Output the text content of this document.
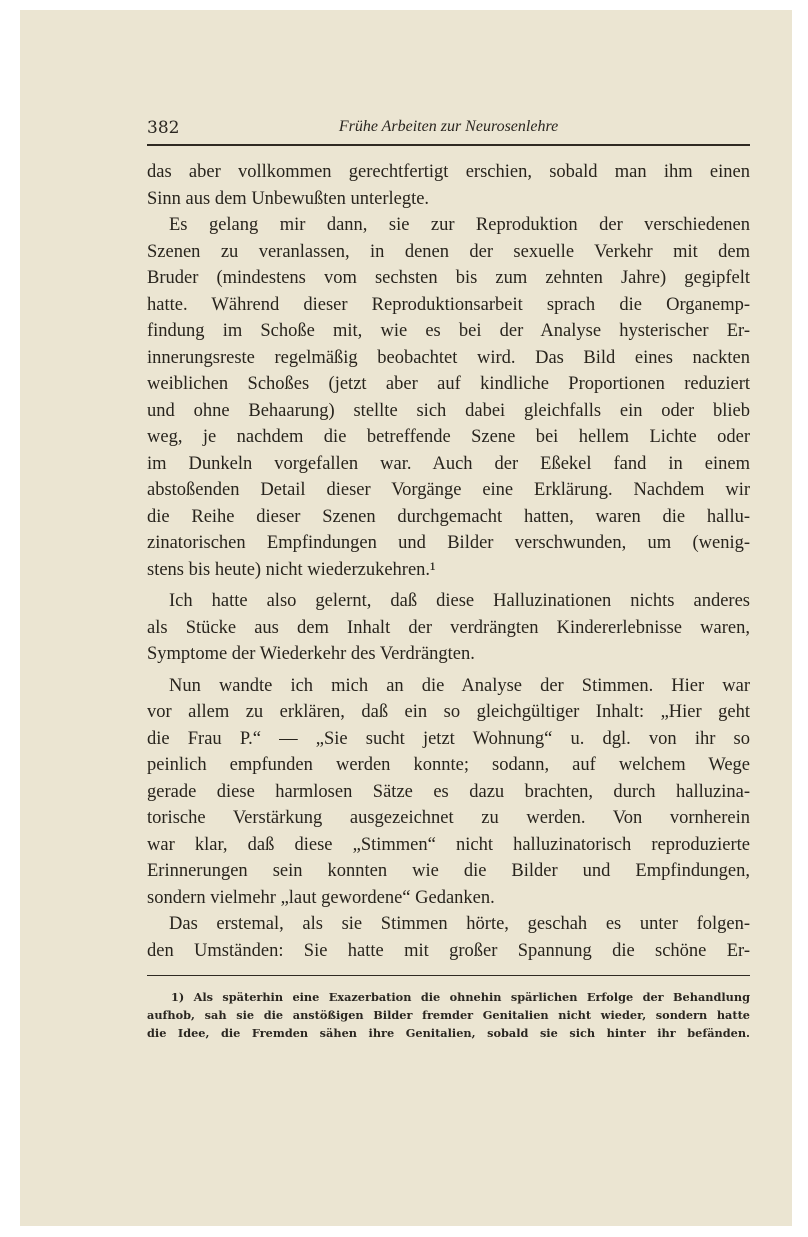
382	Frühe Arbeiten zur Neurosenlehre
das aber vollkommen gerechtfertigt erschien, sobald man ihm einen
Sinn aus dem Unbewußten unterlegte.
Es gelang mir dann, sie zur Reproduktion der verschiedenen
Szenen zu veranlassen, in denen der sexuelle Verkehr mit dem
Bruder (mindestens vom sechsten bis zum zehnten Jahre) gegipfelt
hatte. Während dieser Reproduktionsarbeit sprach die Organemp-
findung im Schoße mit, wie es bei der Analyse hysterischer Er-
innerungsreste regelmäßig beobachtet wird. Das Bild eines nackten
weiblichen Schoßes (jetzt aber auf kindliche Proportionen reduziert
und ohne Behaarung) stellte sich dabei gleichfalls ein oder blieb
weg, je nachdem die betreffende Szene bei hellem Lichte oder
im Dunkeln vorgefallen war. Auch der Eßekel fand in einem
abstoßenden Detail dieser Vorgänge eine Erklärung. Nachdem wir
die Reihe dieser Szenen durchgemacht hatten, waren die hallu-
zinatorischen Empfindungen und Bilder verschwunden, um (wenig-
stens bis heute) nicht wiederzukehren.¹
Ich hatte also gelernt, daß diese Halluzinationen nichts anderes
als Stücke aus dem Inhalt der verdrängten Kindererlebnisse waren,
Symptome der Wiederkehr des Verdrängten.
Nun wandte ich mich an die Analyse der Stimmen. Hier war
vor allem zu erklären, daß ein so gleichgültiger Inhalt: „Hier geht
die Frau P.“ — „Sie sucht jetzt Wohnung“ u. dgl. von ihr so
peinlich empfunden werden konnte; sodann, auf welchem Wege
gerade diese harmlosen Sätze es dazu brachten, durch halluzina-
torische Verstärkung ausgezeichnet zu werden. Von vornherein
war klar, daß diese „Stimmen“ nicht halluzinatorisch reproduzierte
Erinnerungen sein konnten wie die Bilder und Empfindungen,
sondern vielmehr „laut gewordene“ Gedanken.
Das erstemal, als sie Stimmen hörte, geschah es unter folgen-
den Umständen: Sie hatte mit großer Spannung die schöne Er-
1) Als späterhin eine Exazerbation die ohnehin spärlichen Erfolge der Behandlung
aufhob, sah sie die anstößigen Bilder fremder Genitalien nicht wieder, sondern hatte
die Idee, die Fremden sähen ihre Genitalien, sobald sie sich hinter ihr befänden.
